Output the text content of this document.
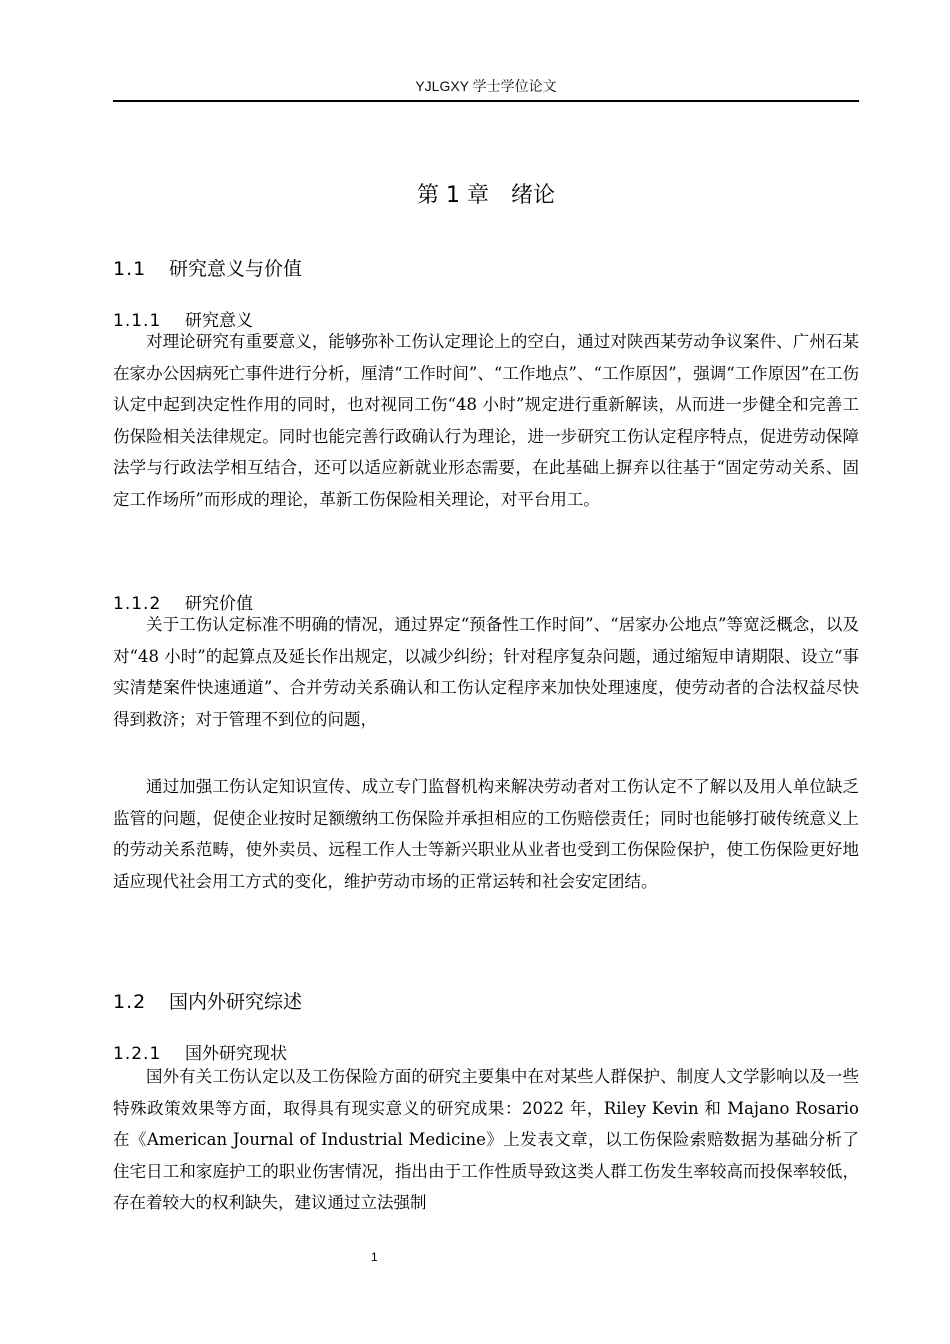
YJLGXY 学士学位论文
第 1 章　绪论
1.1 研究意义与价值
1.1.1 研究意义

对理论研究有重要意义，能够弥补工伤认定理论上的空白，通过对陕西某劳动争议案件、广州石某在家办公因病死亡事件进行分析，厘清“工作时间”、“工作地点”、“工作原因”，强调“工作原因”在工伤认定中起到决定性作用的同时，也对视同工伤“48 小时”规定进行重新解读，从而进一步健全和完善工伤保险相关法律规定。同时也能完善行政确认行为理论，进一步研究工伤认定程序特点，促进劳动保障法学与行政法学相互结合，还可以适应新就业形态需要，在此基础上摒弃以往基于“固定劳动关系、固定工作场所”而形成的理论，革新工伤保险相关理论，对平台用工。

1.1.2 研究价值

关于工伤认定标准不明确的情况，通过界定“预备性工作时间”、“居家办公地点”等宽泛概念，以及对“48 小时”的起算点及延长作出规定，以减少纠纷；针对程序复杂问题，通过缩短申请期限、设立“事实清楚案件快速通道”、合并劳动关系确认和工伤认定程序来加快处理速度，使劳动者的合法权益尽快得到救济；对于管理不到位的问题，

通过加强工伤认定知识宣传、成立专门监督机构来解决劳动者对工伤认定不了解以及用人单位缺乏监管的问题，促使企业按时足额缴纳工伤保险并承担相应的工伤赔偿责任；同时也能够打破传统意义上的劳动关系范畴，使外卖员、远程工作人士等新兴职业从业者也受到工伤保险保护，使工伤保险更好地适应现代社会用工方式的变化，维护劳动市场的正常运转和社会安定团结。

1.2 国内外研究综述
1.2.1 国外研究现状

国外有关工伤认定以及工伤保险方面的研究主要集中在对某些人群保护、制度人文学影响以及一些特殊政策效果等方面，取得具有现实意义的研究成果：2022 年，Riley Kevin 和 Majano Rosario 在《American Journal of Industrial Medicine》上发表文章，以工伤保险索赔数据为基础分析了住宅日工和家庭护工的职业伤害情况，指出由于工作性质导致这类人群工伤发生率较高而投保率较低，存在着较大的权利缺失，建议通过立法强制

1
